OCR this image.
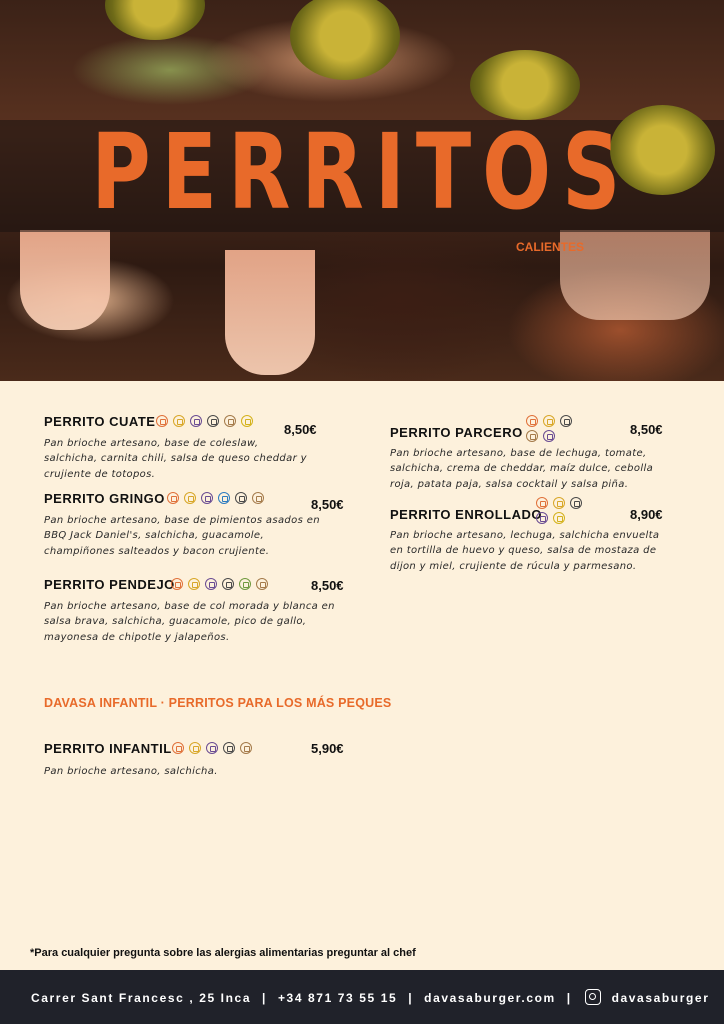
PERRITOS
CALIENTES
PERRITO CUATE
8,50€
Pan brioche artesano, base de coleslaw,
salchicha, carnita chili, salsa de queso cheddar y
crujiente de totopos.
PERRITO GRINGO	8,50€
Pan brioche artesano, base de pimientos asados en
BBQ Jack Daniel's, salchicha, guacamole,
champiñones salteados y bacon crujiente.
PERRITO PENDEJO	8,50€
Pan brioche artesano, base de col morada y blanca en
salsa brava, salchicha, guacamole, pico de gallo,
mayonesa de chipotle y jalapeños.
PERRITO PARCERO	8,50€
Pan brioche artesano, base de lechuga, tomate,
salchicha, crema de cheddar, maíz dulce, cebolla
roja, patata paja, salsa cocktail y salsa piña.
PERRITO ENROLLADO	8,90€
Pan brioche artesano, lechuga, salchicha envuelta
en tortilla de huevo y queso, salsa de mostaza de
dijon y miel, crujiente de rúcula y parmesano.
DAVASA INFANTIL · PERRITOS PARA LOS MÁS PEQUES
PERRITO INFANTIL	5,90€
Pan brioche artesano, salchicha.
*Para cualquier pregunta sobre las alergias alimentarias preguntar al chef
Carrer Sant Francesc , 25 Inca | +34 871 73 55 15 | davasaburger.com |	davasaburger
